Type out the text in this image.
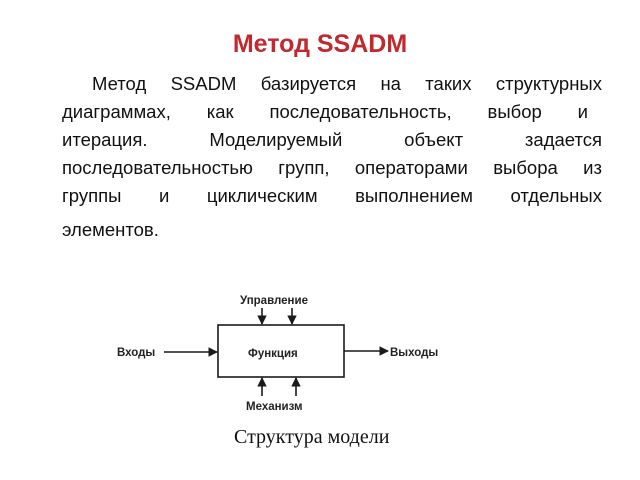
Метод SSADM
Метод SSADM базируется на таких структурных
диаграммах, как последовательность, выбор и
итерация.	Моделируемый	объект	задается
последовательностью групп, операторами выбора из
группы и циклическим выполнением отдельных
элементов.
Управление
Входы	Функция	Выходы
Механизм
Структура модели
